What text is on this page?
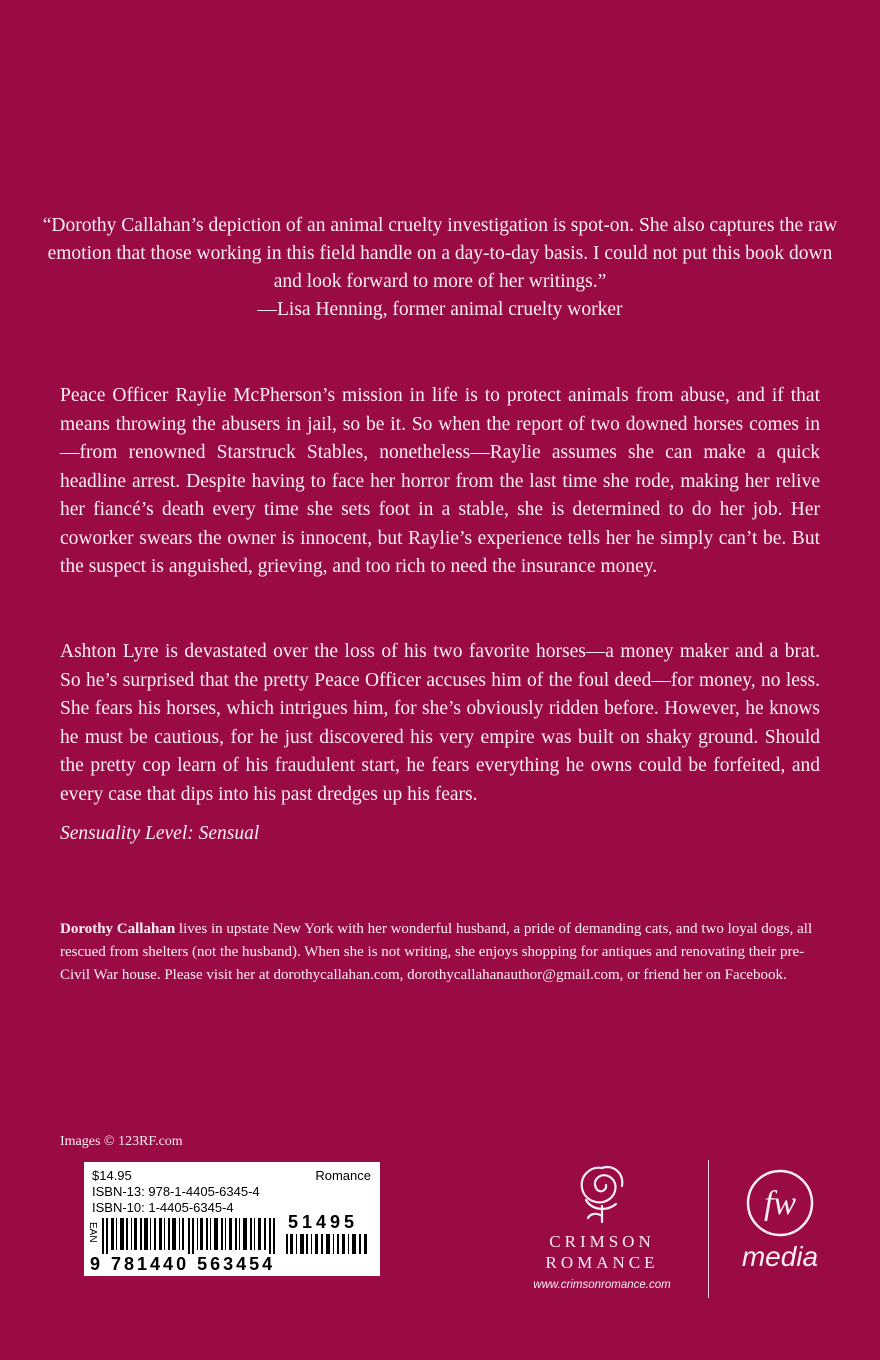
“Dorothy Callahan’s depiction of an animal cruelty investigation is spot-on. She also captures the raw emotion that those working in this field handle on a day-to-day basis. I could not put this book down and look forward to more of her writings.”
—Lisa Henning, former animal cruelty worker

Peace Officer Raylie McPherson’s mission in life is to protect animals from abuse, and if that means throwing the abusers in jail, so be it. So when the report of two downed horses comes in—from renowned Starstruck Stables, nonetheless—Raylie assumes she can make a quick headline arrest. Despite having to face her horror from the last time she rode, making her relive her fiancé’s death every time she sets foot in a stable, she is determined to do her job. Her coworker swears the owner is innocent, but Raylie’s experience tells her he simply can’t be. But the suspect is anguished, grieving, and too rich to need the insurance money.

Ashton Lyre is devastated over the loss of his two favorite horses—a money maker and a brat. So he’s surprised that the pretty Peace Officer accuses him of the foul deed—for money, no less. She fears his horses, which intrigues him, for she’s obviously ridden before. However, he knows he must be cautious, for he just discovered his very empire was built on shaky ground. Should the pretty cop learn of his fraudulent start, he fears everything he owns could be forfeited, and every case that dips into his past dredges up his fears.

Sensuality Level: Sensual
Dorothy Callahan lives in upstate New York with her wonderful husband, a pride of demanding cats, and two loyal dogs, all rescued from shelters (not the husband). When she is not writing, she enjoys shopping for antiques and renovating their pre-Civil War house. Please visit her at dorothycallahan.com, dorothycallahanauthor@gmail.com, or friend her on Facebook.
Images © 123RF.com
$14.95
ISBN-13: 978-1-4405-6345-4
ISBN-10: 1-4405-6345-4
Romance
EAN	51495
9 781440 563454
CRIMSON
ROMANCE
www.crimsonromance.com
fw
media
